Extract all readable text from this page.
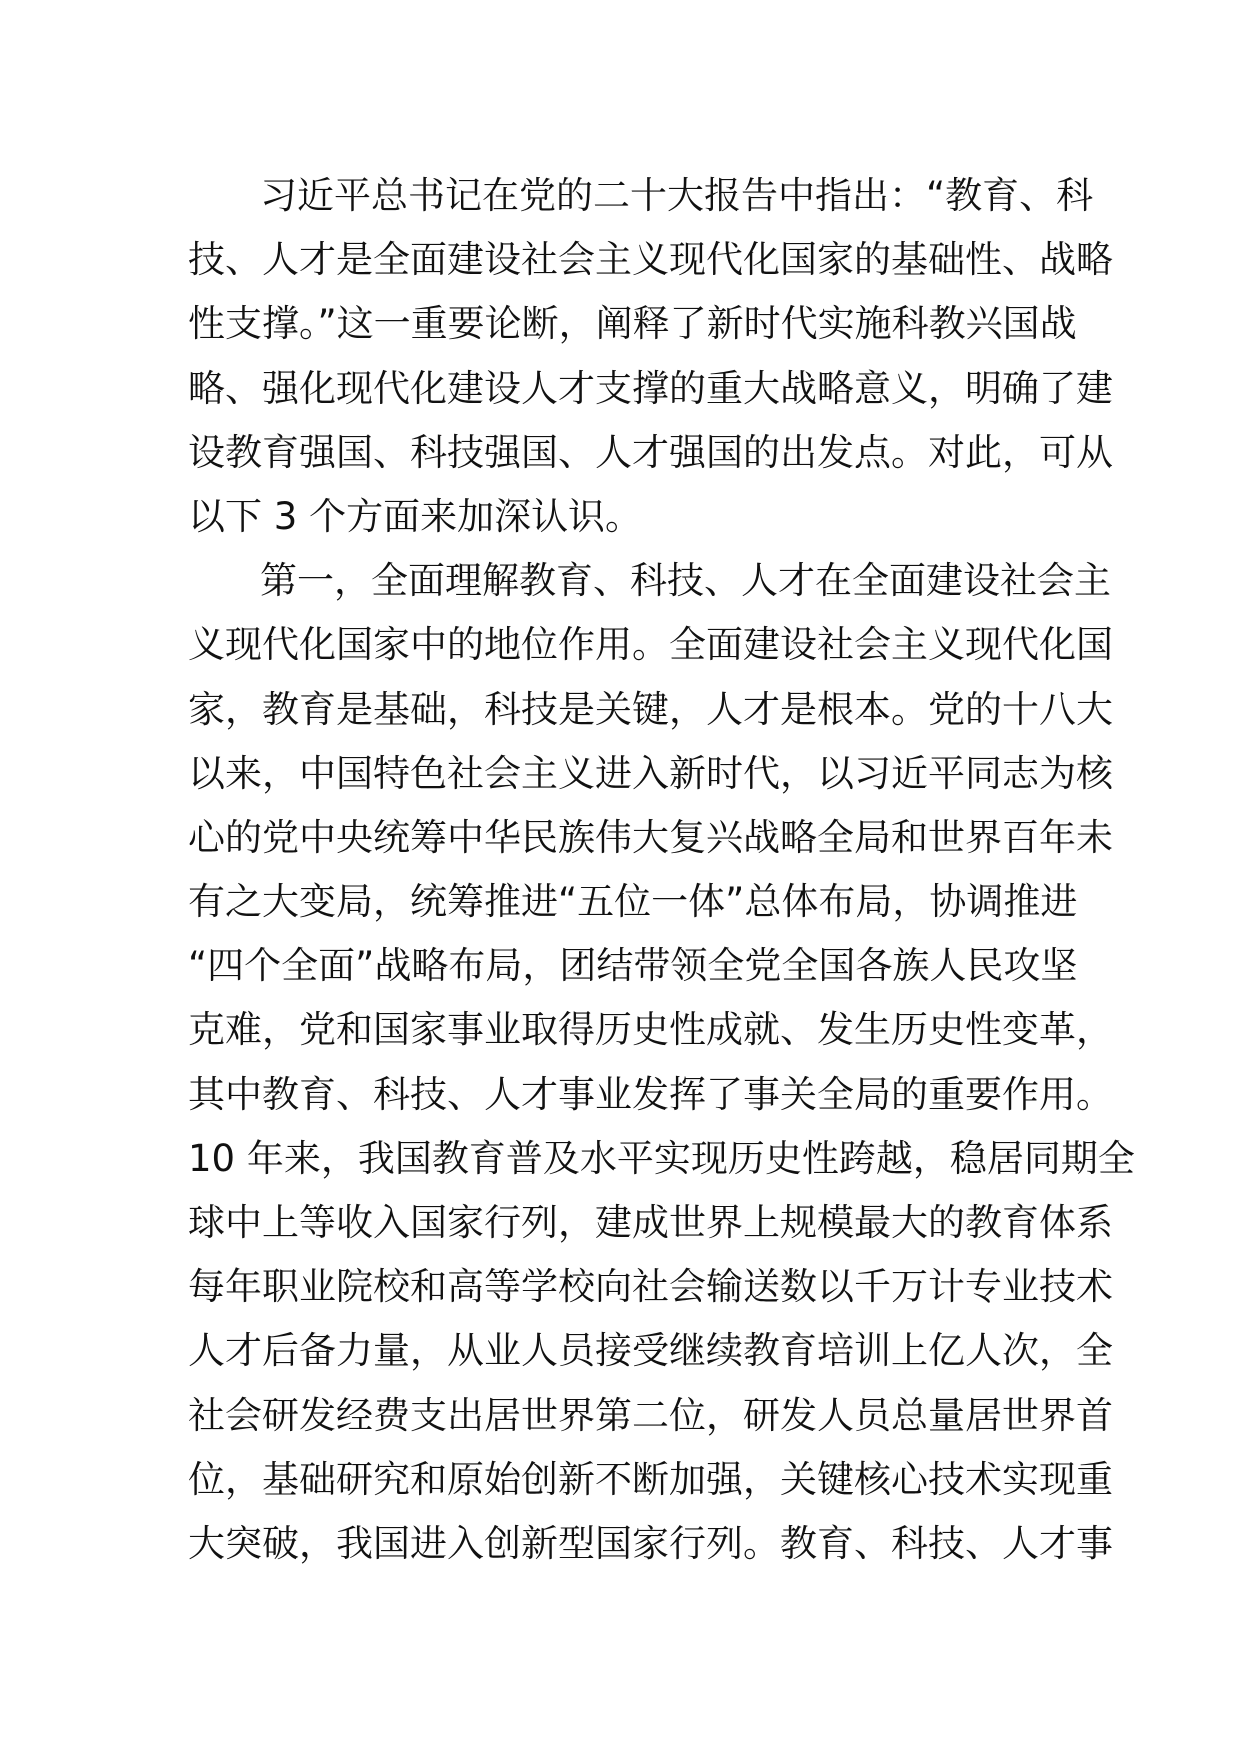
习近平总书记在党的二十大报告中指出：“教育、科
技、人才是全面建设社会主义现代化国家的基础性、战略
性支撑。”这一重要论断，阐释了新时代实施科教兴国战
略、强化现代化建设人才支撑的重大战略意义，明确了建
设教育强国、科技强国、人才强国的出发点。对此，可从
以下 3 个方面来加深认识。
第一，全面理解教育、科技、人才在全面建设社会主
义现代化国家中的地位作用。全面建设社会主义现代化国
家，教育是基础，科技是关键，人才是根本。党的十八大
以来，中国特色社会主义进入新时代，以习近平同志为核
心的党中央统筹中华民族伟大复兴战略全局和世界百年未
有之大变局，统筹推进“五位一体”总体布局，协调推进
“四个全面”战略布局，团结带领全党全国各族人民攻坚
克难，党和国家事业取得历史性成就、发生历史性变革，
其中教育、科技、人才事业发挥了事关全局的重要作用。
10 年来，我国教育普及水平实现历史性跨越，稳居同期全
球中上等收入国家行列，建成世界上规模最大的教育体系
每年职业院校和高等学校向社会输送数以千万计专业技术
人才后备力量，从业人员接受继续教育培训上亿人次，全
社会研发经费支出居世界第二位，研发人员总量居世界首
位，基础研究和原始创新不断加强，关键核心技术实现重
大突破，我国进入创新型国家行列。教育、科技、人才事
